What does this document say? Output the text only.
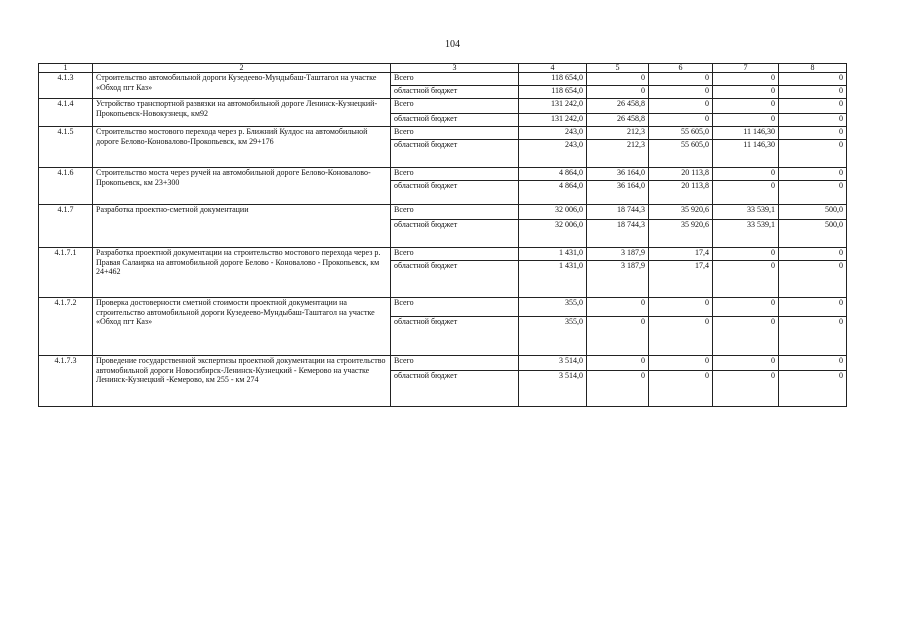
104
1	2	3	4	5	6	7	8
4.1.3	Строительство автомобильной дороги Кузедеево-Мундыбаш-Таштагол на участке «Обход пгт Каз»	Всего	118 654,0	0	0	0	0
		областной бюджет	118 654,0	0	0	0	0
4.1.4	Устройство транспортной развязки на автомобильной дороге Ленинск-Кузнецкий-Прокопьевск-Новокузнецк, км92	Всего	131 242,0	26 458,8	0	0	0
		областной бюджет	131 242,0	26 458,8	0	0	0
4.1.5	Строительство мостового перехода через р. Ближний Кулдос на автомобильной дороге Белово-Коновалово-Прокопьевск, км 29+176	Всего	243,0	212,3	55 605,0	11 146,30	0
		областной бюджет	243,0	212,3	55 605,0	11 146,30	0
4.1.6	Строительство моста через ручей на автомобильной дороге Белово-Коновалово-Прокопьевск, км 23+300	Всего	4 864,0	36 164,0	20 113,8	0	0
		областной бюджет	4 864,0	36 164,0	20 113,8	0	0
4.1.7	Разработка проектно-сметной документации	Всего	32 006,0	18 744,3	35 920,6	33 539,1	500,0
		областной бюджет	32 006,0	18 744,3	35 920,6	33 539,1	500,0
4.1.7.1	Разработка проектной документации на строительство мостового перехода через р. Правая Салаирка на автомобильной дороге Белово - Коновалово - Прокопьевск, км 24+462	Всего	1 431,0	3 187,9	17,4	0	0
		областной бюджет	1 431,0	3 187,9	17,4	0	0
4.1.7.2	Проверка достоверности сметной стоимости проектной документации на строительство автомобильной дороги Кузедеево-Мундыбаш-Таштагол на участке «Обход пгт Каз»	Всего	355,0	0	0	0	0
		областной бюджет	355,0	0	0	0	0
4.1.7.3	Проведение государственной экспертизы проектной документации на строительство автомобильной дороги Новосибирск-Ленинск-Кузнецкий - Кемерово на участке Ленинск-Кузнецкий -Кемерово, км 255 - км 274	Всего	3 514,0	0	0	0	0
		областной бюджет	3 514,0	0	0	0	0
